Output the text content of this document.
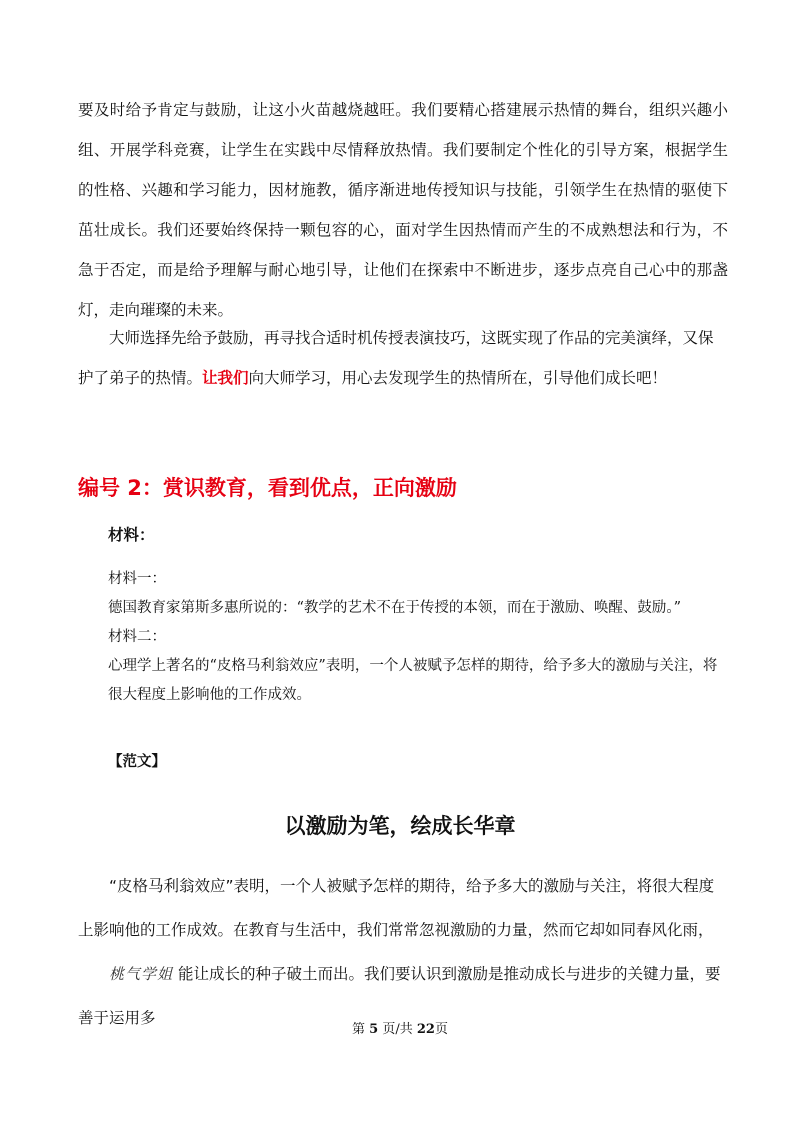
要及时给予肯定与鼓励，让这小火苗越烧越旺。我们要精心搭建展示热情的舞台，组织兴趣小组、开展学科竞赛，让学生在实践中尽情释放热情。我们要制定个性化的引导方案，根据学生的性格、兴趣和学习能力，因材施教，循序渐进地传授知识与技能，引领学生在热情的驱使下茁壮成长。我们还要始终保持一颗包容的心，面对学生因热情而产生的不成熟想法和行为，不急于否定，而是给予理解与耐心地引导，让他们在探索中不断进步，逐步点亮自己心中的那盏灯，走向璀璨的未来。

大师选择先给予鼓励，再寻找合适时机传授表演技巧，这既实现了作品的完美演绎，又保护了弟子的热情。让我们向大师学习，用心去发现学生的热情所在，引导他们成长吧！

编号 2：赏识教育，看到优点，正向激励

材料：

材料一：

德国教育家第斯多惠所说的：“教学的艺术不在于传授的本领，而在于激励、唤醒、鼓励。”

材料二：

心理学上著名的“皮格马利翁效应”表明，一个人被赋予怎样的期待，给予多大的激励与关注，将很大程度上影响他的工作成效。

【范文】

以激励为笔，绘成长华章

“皮格马利翁效应”表明，一个人被赋予怎样的期待，给予多大的激励与关注，将很大程度上影响他的工作成效。在教育与生活中，我们常常忽视激励的力量，然而它却如同春风化雨， 桃气学姐 能让成长的种子破土而出。我们要认识到激励是推动成长与进步的关键力量，要善于运用多

第 5 页/共 22页
